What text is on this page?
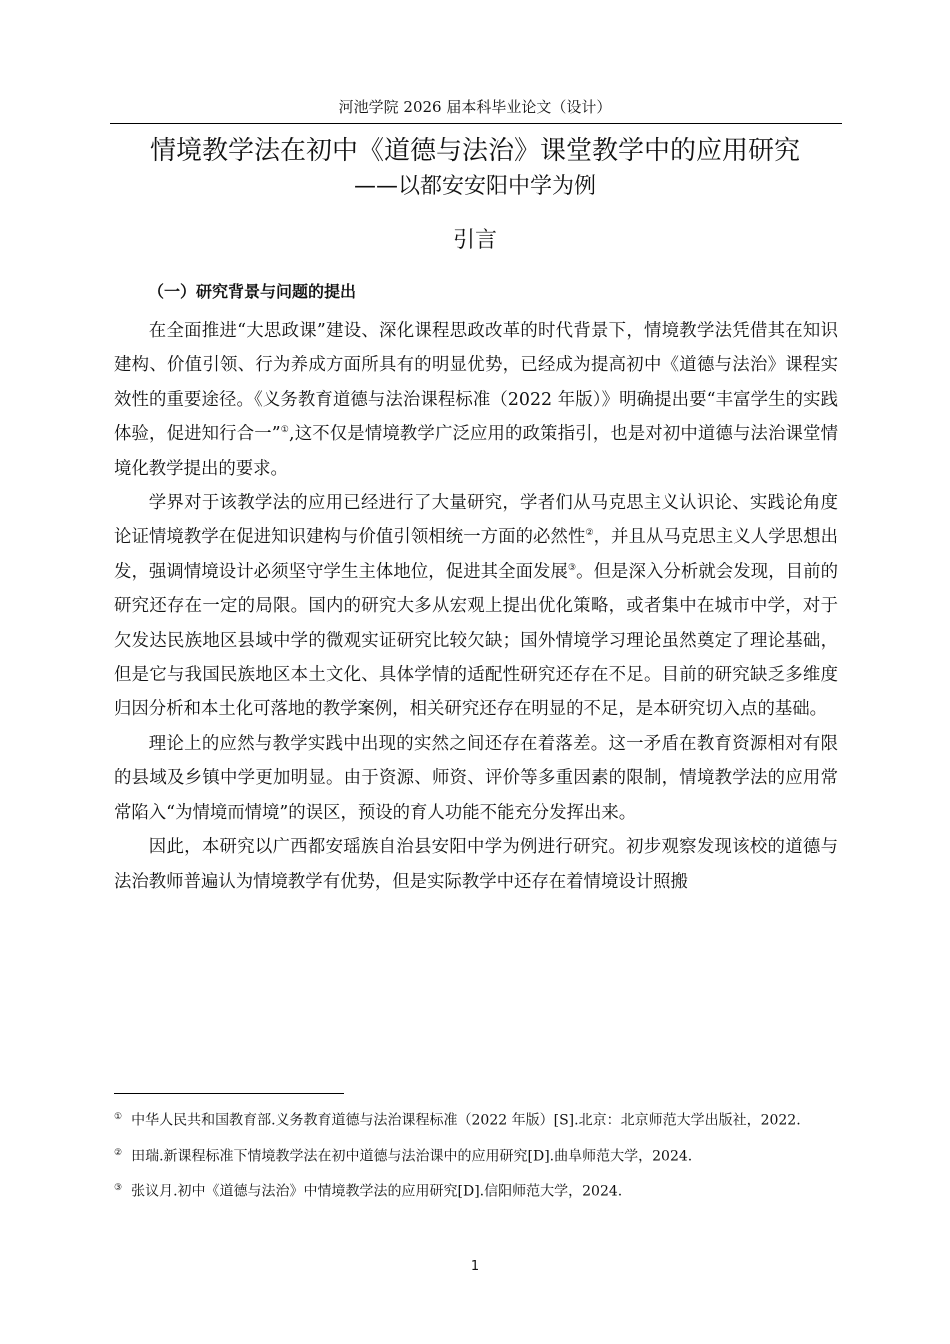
河池学院 2026 届本科毕业论文（设计）
情境教学法在初中《道德与法治》课堂教学中的应用研究
——以都安安阳中学为例
引言
（一）研究背景与问题的提出

在全面推进“大思政课”建设、深化课程思政改革的时代背景下，情境教学法凭借其在知识建构、价值引领、行为养成方面所具有的明显优势，已经成为提高初中《道德与法治》课程实效性的重要途径。《义务教育道德与法治课程标准（2022 年版）》明确提出要“丰富学生的实践体验，促进知行合一”①,这不仅是情境教学广泛应用的政策指引，也是对初中道德与法治课堂情境化教学提出的要求。

学界对于该教学法的应用已经进行了大量研究，学者们从马克思主义认识论、实践论角度论证情境教学在促进知识建构与价值引领相统一方面的必然性②，并且从马克思主义人学思想出发，强调情境设计必须坚守学生主体地位，促进其全面发展③。但是深入分析就会发现，目前的研究还存在一定的局限。国内的研究大多从宏观上提出优化策略，或者集中在城市中学，对于欠发达民族地区县域中学的微观实证研究比较欠缺；国外情境学习理论虽然奠定了理论基础，但是它与我国民族地区本土文化、具体学情的适配性研究还存在不足。目前的研究缺乏多维度归因分析和本土化可落地的教学案例，相关研究还存在明显的不足，是本研究切入点的基础。

理论上的应然与教学实践中出现的实然之间还存在着落差。这一矛盾在教育资源相对有限的县域及乡镇中学更加明显。由于资源、师资、评价等多重因素的限制，情境教学法的应用常常陷入“为情境而情境”的误区，预设的育人功能不能充分发挥出来。

因此，本研究以广西都安瑶族自治县安阳中学为例进行研究。初步观察发现该校的道德与法治教师普遍认为情境教学有优势，但是实际教学中还存在着情境设计照搬

① 中华人民共和国教育部.义务教育道德与法治课程标准（2022 年版）[S].北京：北京师范大学出版社，2022.

② 田瑞.新课程标准下情境教学法在初中道德与法治课中的应用研究[D].曲阜师范大学，2024.

③ 张议月.初中《道德与法治》中情境教学法的应用研究[D].信阳师范大学，2024.

1
